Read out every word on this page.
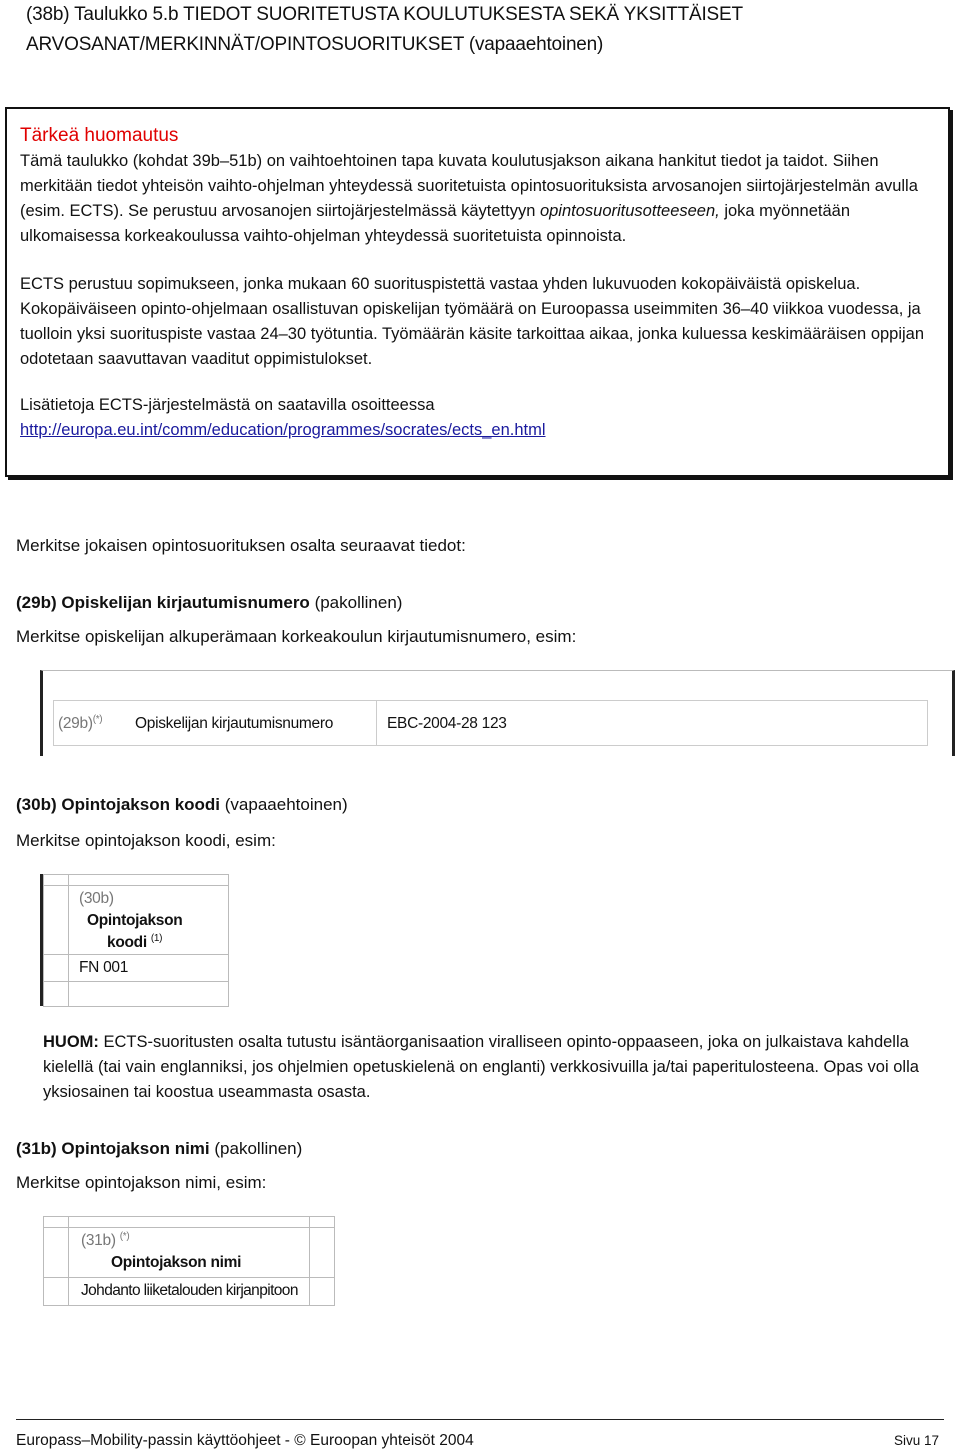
(38b) Taulukko 5.b TIEDOT SUORITETUSTA KOULUTUKSESTA SEKÄ YKSITTÄISET
ARVOSANAT/MERKINNÄT/OPINTOSUORITUKSET (vapaaehtoinen)

Tärkeä huomautus

Tämä taulukko (kohdat 39b–51b) on vaihtoehtoinen tapa kuvata koulutusjakson aikana hankitut tiedot ja taidot. Siihen merkitään tiedot yhteisön vaihto-ohjelman yhteydessä suoritetuista opintosuorituksista arvosanojen siirtojärjestelmän avulla (esim. ECTS). Se perustuu arvosanojen siirtojärjestelmässä käytettyyn opintosuoritusotteeseen, joka myönnetään ulkomaisessa korkeakoulussa vaihto-ohjelman yhteydessä suoritetuista opinnoista.

ECTS perustuu sopimukseen, jonka mukaan 60 suorituspistettä vastaa yhden lukuvuoden kokopäiväistä opiskelua. Kokopäiväiseen opinto-ohjelmaan osallistuvan opiskelijan työmäärä on Euroopassa useimmiten 36–40 viikkoa vuodessa, ja tuolloin yksi suorituspiste vastaa 24–30 työtuntia. Työmäärän käsite tarkoittaa aikaa, jonka kuluessa keskimääräisen oppijan odotetaan saavuttavan vaaditut oppimistulokset.

Lisätietoja ECTS-järjestelmästä on saatavilla osoitteessa

http://europa.eu.int/comm/education/programmes/socrates/ects_en.html

Merkitse jokaisen opintosuorituksen osalta seuraavat tiedot:
(29b) Opiskelijan kirjautumisnumero (pakollinen)
Merkitse opiskelijan alkuperämaan korkeakoulun kirjautumisnumero, esim:
(29b)(*) Opiskelijan kirjautumisnumero	EBC-2004-28 123
(30b) Opintojakson koodi (vapaaehtoinen)
Merkitse opintojakson koodi, esim:

	(30b)
Opintojakson
koodi $^{(1)}$

	FN 001

HUOM: ECTS-suoritusten osalta tutustu isäntäorganisaation viralliseen opinto-oppaaseen, joka on julkaistava kahdella kielellä (tai vain englanniksi, jos ohjelmien opetuskielenä on englanti) verkkosivuilla ja/tai paperitulosteena. Opas voi olla yksiosainen tai koostua useammasta osasta.
(31b) Opintojakson nimi (pakollinen)
Merkitse opintojakson nimi, esim:

	(31b) (*)
Opintojakson nimi	

	Johdanto liiketalouden kirjanpitoon	
Europass–Mobility-passin käyttöohjeet - © Euroopan yhteisöt 2004	Sivu 17
